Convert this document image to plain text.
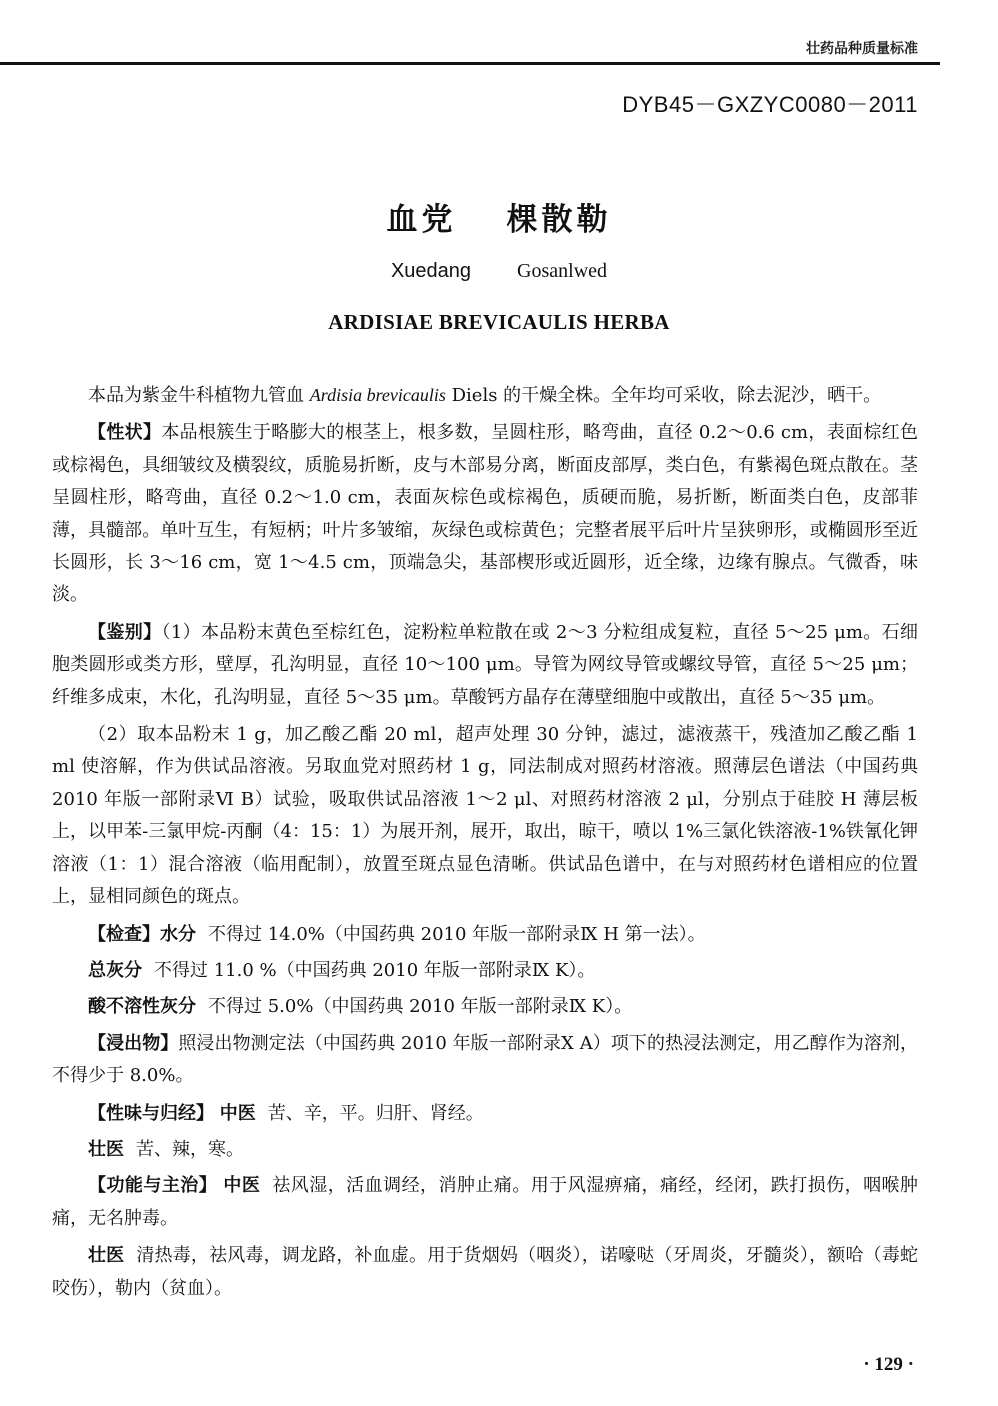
壮药品种质量标准
DYB45－GXZYC0080－2011
血党 棵散勒
Xuedang Gosanlwed
ARDISIAE BREVICAULIS HERBA

本品为紫金牛科植物九管血 Ardisia brevicaulis Diels 的干燥全株。全年均可采收，除去泥沙，晒干。

【性状】本品根簇生于略膨大的根茎上，根多数，呈圆柱形，略弯曲，直径 0.2～0.6 cm，表面棕红色或棕褐色，具细皱纹及横裂纹，质脆易折断，皮与木部易分离，断面皮部厚，类白色，有紫褐色斑点散在。茎呈圆柱形，略弯曲，直径 0.2～1.0 cm，表面灰棕色或棕褐色，质硬而脆，易折断，断面类白色，皮部菲薄，具髓部。单叶互生，有短柄；叶片多皱缩，灰绿色或棕黄色；完整者展平后叶片呈狭卵形，或椭圆形至近长圆形，长 3～16 cm，宽 1～4.5 cm，顶端急尖，基部楔形或近圆形，近全缘，边缘有腺点。气微香，味淡。

【鉴别】（1）本品粉末黄色至棕红色，淀粉粒单粒散在或 2～3 分粒组成复粒，直径 5～25 μm。石细胞类圆形或类方形，壁厚，孔沟明显，直径 10～100 μm。导管为网纹导管或螺纹导管，直径 5～25 μm；纤维多成束，木化，孔沟明显，直径 5～35 μm。草酸钙方晶存在薄壁细胞中或散出，直径 5～35 μm。

（2）取本品粉末 1 g，加乙酸乙酯 20 ml，超声处理 30 分钟，滤过，滤液蒸干，残渣加乙酸乙酯 1 ml 使溶解，作为供试品溶液。另取血党对照药材 1 g，同法制成对照药材溶液。照薄层色谱法（中国药典 2010 年版一部附录Ⅵ B）试验，吸取供试品溶液 1～2 μl、对照药材溶液 2 μl，分别点于硅胶 H 薄层板上，以甲苯-三氯甲烷-丙酮（4：15：1）为展开剂，展开，取出，晾干，喷以 1%三氯化铁溶液-1%铁氰化钾溶液（1：1）混合溶液（临用配制），放置至斑点显色清晰。供试品色谱中，在与对照药材色谱相应的位置上，显相同颜色的斑点。

【检查】水分 不得过 14.0%（中国药典 2010 年版一部附录Ⅸ H 第一法）。

总灰分 不得过 11.0 %（中国药典 2010 年版一部附录Ⅸ K）。

酸不溶性灰分 不得过 5.0%（中国药典 2010 年版一部附录Ⅸ K）。

【浸出物】照浸出物测定法（中国药典 2010 年版一部附录Ⅹ A）项下的热浸法测定，用乙醇作为溶剂，不得少于 8.0%。

【性味与归经】 中医 苦、辛，平。归肝、肾经。

壮医 苦、辣，寒。

【功能与主治】 中医 祛风湿，活血调经，消肿止痛。用于风湿痹痛，痛经，经闭，跌打损伤，咽喉肿痛，无名肿毒。

壮医 清热毒，祛风毒，调龙路，补血虚。用于货烟妈（咽炎），诺嚎哒（牙周炎，牙髓炎），额哈（毒蛇咬伤），勒内（贫血）。

· 129 ·
